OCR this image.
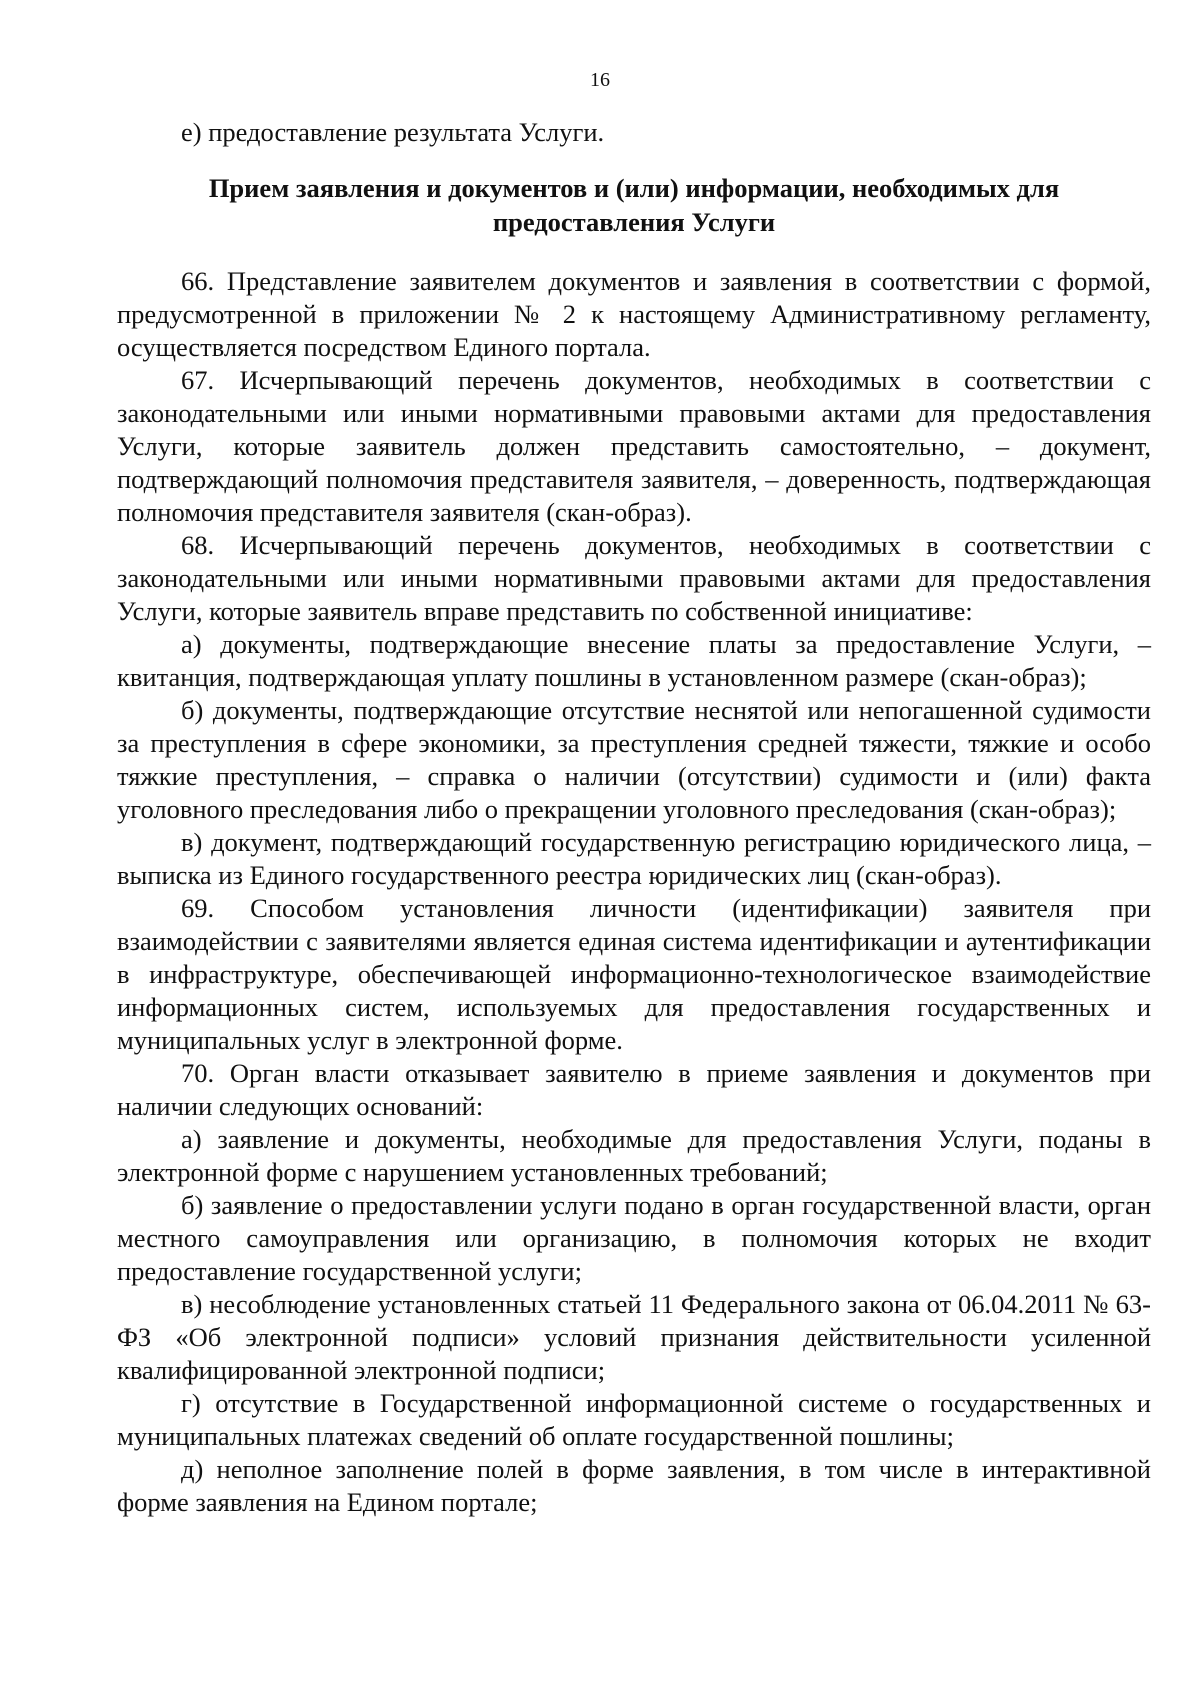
16

е) предоставление результата Услуги.

Прием заявления и документов и (или) информации, необходимых для
предоставления Услуги

66. Представление заявителем документов и заявления в соответствии с формой, предусмотренной в приложении № 2 к настоящему Административному регламенту, осуществляется посредством Единого портала.

67. Исчерпывающий перечень документов, необходимых в соответствии с законодательными или иными нормативными правовыми актами для предоставления Услуги, которые заявитель должен представить самостоятельно, – документ, подтверждающий полномочия представителя заявителя, – доверенность, подтверждающая полномочия представителя заявителя (скан-образ).

68. Исчерпывающий перечень документов, необходимых в соответствии с законодательными или иными нормативными правовыми актами для предоставления Услуги, которые заявитель вправе представить по собственной инициативе:

а) документы, подтверждающие внесение платы за предоставление Услуги, – квитанция, подтверждающая уплату пошлины в установленном размере (скан-образ);

б) документы, подтверждающие отсутствие неснятой или непогашенной судимости за преступления в сфере экономики, за преступления средней тяжести, тяжкие и особо тяжкие преступления, – справка о наличии (отсутствии) судимости и (или) факта уголовного преследования либо о прекращении уголовного преследования (скан-образ);

в) документ, подтверждающий государственную регистрацию юридического лица, – выписка из Единого государственного реестра юридических лиц (скан-образ).

69. Способом установления личности (идентификации) заявителя при взаимодействии с заявителями является единая система идентификации и аутентификации в инфраструктуре, обеспечивающей информационно-технологическое взаимодействие информационных систем, используемых для предоставления государственных и муниципальных услуг в электронной форме.

70. Орган власти отказывает заявителю в приеме заявления и документов при наличии следующих оснований:

а) заявление и документы, необходимые для предоставления Услуги, поданы в электронной форме с нарушением установленных требований;

б) заявление о предоставлении услуги подано в орган государственной власти, орган местного самоуправления или организацию, в полномочия которых не входит предоставление государственной услуги;

в) несоблюдение установленных статьей 11 Федерального закона от 06.04.2011 № 63-ФЗ «Об электронной подписи» условий признания действительности усиленной квалифицированной электронной подписи;

г) отсутствие в Государственной информационной системе о государственных и муниципальных платежах сведений об оплате государственной пошлины;

д) неполное заполнение полей в форме заявления, в том числе в интерактивной форме заявления на Едином портале;
